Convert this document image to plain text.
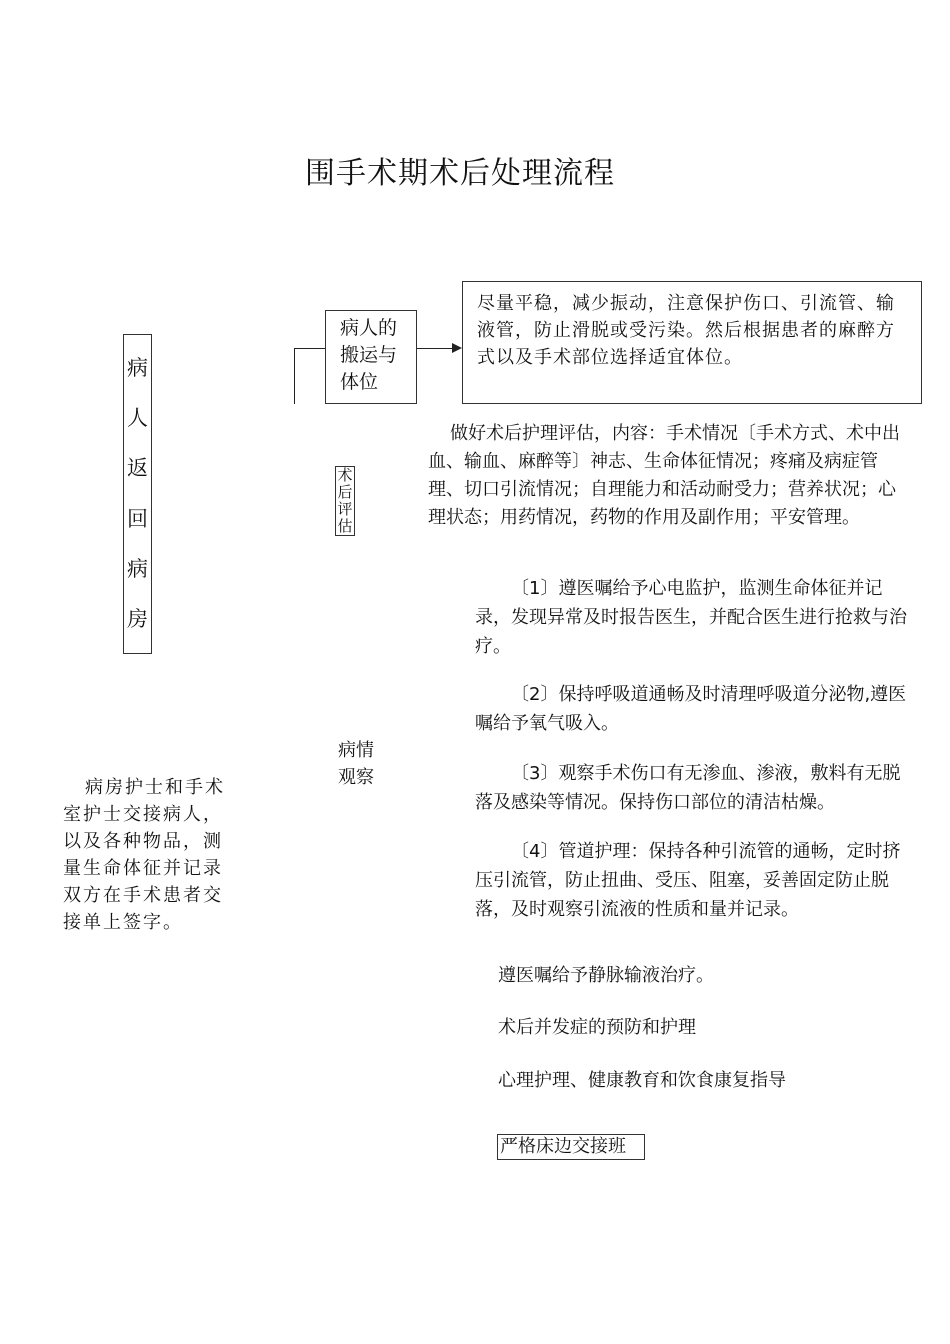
围手术期术后处理流程
病
人
返
回
病
房
病人的
搬运与
体位
尽量平稳，减少振动，注意保护伤口、引流管、输液管，防止滑脱或受污染。然后根据患者的麻醉方式以及手术部位选择适宜体位。
术
后
评
估
做好术后护理评估，内容：手术情况〔手术方式、术中出血、输血、麻醉等〕神志、生命体征情况；疼痛及病症管理、切口引流情况；自理能力和活动耐受力；营养状况；心理状态；用药情况，药物的作用及副作用；平安管理。
病情
观察
〔1〕遵医嘱给予心电监护，监测生命体征并记录，发现异常及时报告医生，并配合医生进行抢救与治疗。
〔2〕保持呼吸道通畅及时清理呼吸道分泌物,遵医嘱给予氧气吸入。
〔3〕观察手术伤口有无渗血、渗液，敷料有无脱落及感染等情况。保持伤口部位的清洁枯燥。
〔4〕管道护理：保持各种引流管的通畅，定时挤压引流管，防止扭曲、受压、阻塞，妥善固定防止脱落，及时观察引流液的性质和量并记录。
病房护士和手术室护士交接病人，以及各种物品，测量生命体征并记录双方在手术患者交接单上签字。
遵医嘱给予静脉输液治疗。
术后并发症的预防和护理
心理护理、健康教育和饮食康复指导
严格床边交接班
